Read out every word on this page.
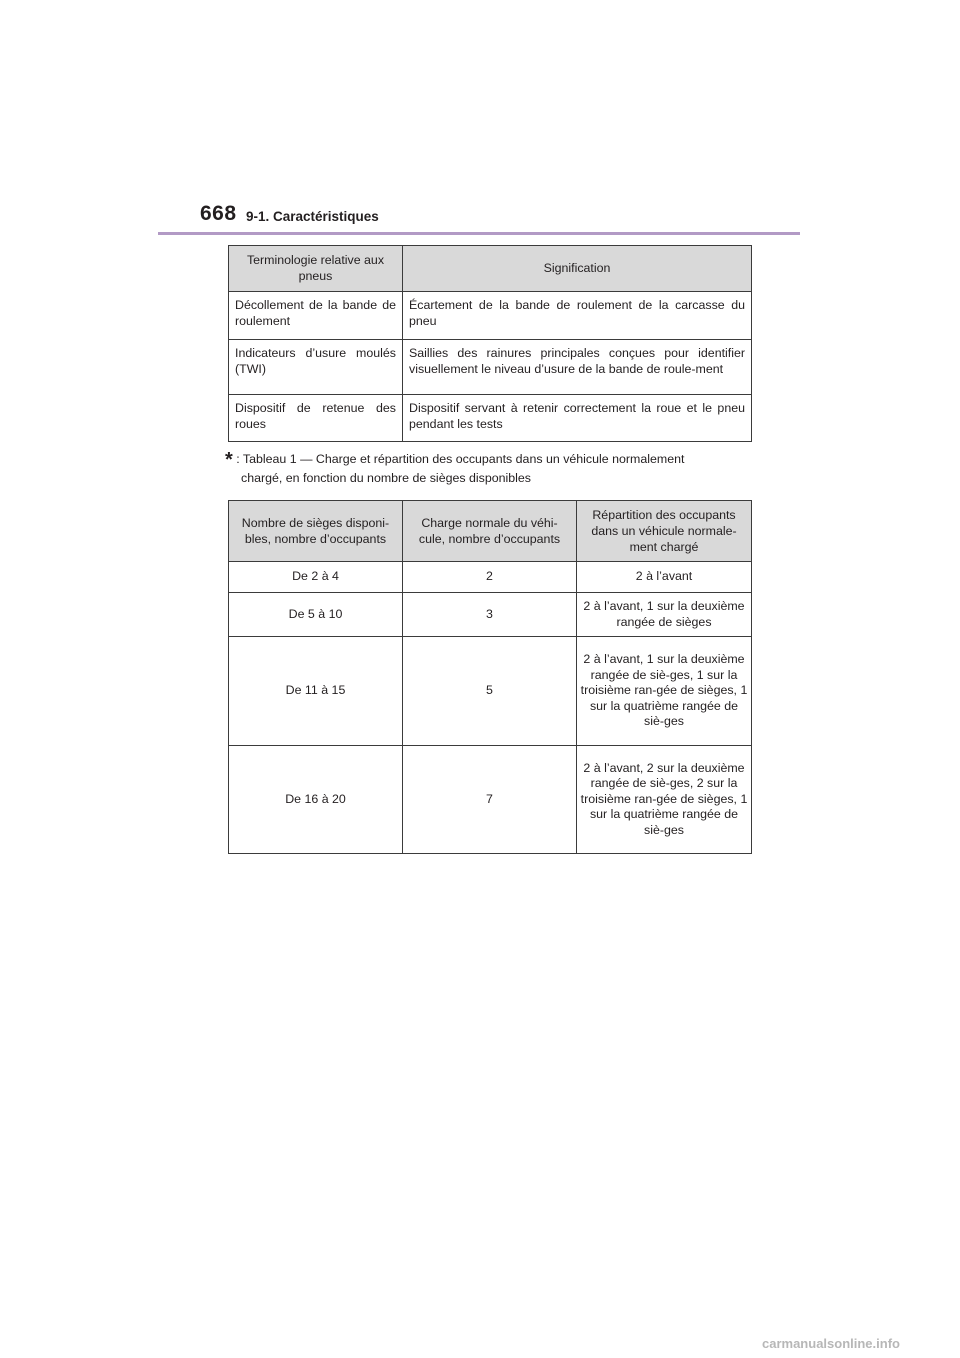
668 9-1. Caractéristiques
Terminologie relative aux pneus	Signification
Décollement de la bande de roulement	Écartement de la bande de roulement de la carcasse du pneu
Indicateurs d’usure moulés (TWI)	Saillies des rainures principales conçues pour identifier visuellement le niveau d’usure de la bande de roule-ment
Dispositif de retenue des roues	Dispositif servant à retenir correctement la roue et le pneu pendant les tests
* : Tableau 1 — Charge et répartition des occupants dans un véhicule normalement
chargé, en fonction du nombre de sièges disponibles
Nombre de sièges disponi-bles, nombre d’occupants	Charge normale du véhi-cule, nombre d’occupants	Répartition des occupants dans un véhicule normale-ment chargé
De 2 à 4	2	2 à l’avant
De 5 à 10	3	2 à l’avant, 1 sur la deuxième rangée de sièges
De 11 à 15	5	2 à l’avant, 1 sur la deuxième rangée de siè-ges, 1 sur la troisième ran-gée de sièges, 1 sur la quatrième rangée de siè-ges
De 16 à 20	7	2 à l’avant, 2 sur la deuxième rangée de siè-ges, 2 sur la troisième ran-gée de sièges, 1 sur la quatrième rangée de siè-ges
carmanualsonline.info
